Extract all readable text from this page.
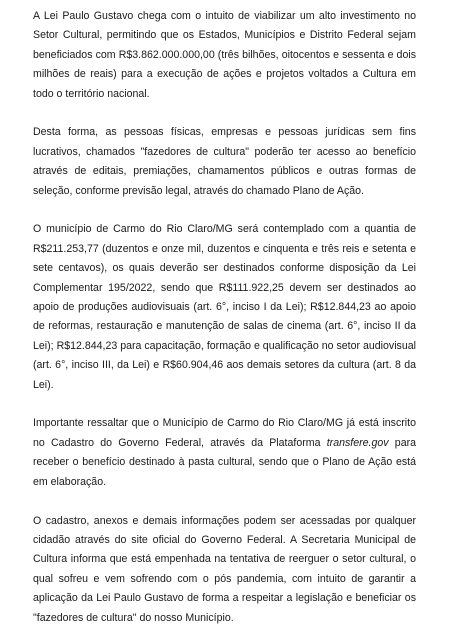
A Lei Paulo Gustavo chega com o intuito de viabilizar um alto investimento no Setor Cultural, permitindo que os Estados, Municípios e Distrito Federal sejam beneficiados com R$3.862.000.000,00 (três bilhões, oitocentos e sessenta e dois milhões de reais) para a execução de ações e projetos voltados a Cultura em todo o território nacional.

Desta forma, as pessoas físicas, empresas e pessoas jurídicas sem fins lucrativos, chamados "fazedores de cultura" poderão ter acesso ao benefício através de editais, premiações, chamamentos públicos e outras formas de seleção, conforme previsão legal, através do chamado Plano de Ação.

O município de Carmo do Rio Claro/MG será contemplado com a quantia de R$211.253,77 (duzentos e onze mil, duzentos e cinquenta e três reis e setenta e sete centavos), os quais deverão ser destinados conforme disposição da Lei Complementar 195/2022, sendo que R$111.922,25 devem ser destinados ao apoio de produções audiovisuais (art. 6°, inciso I da Lei); R$12.844,23 ao apoio de reformas, restauração e manutenção de salas de cinema (art. 6°, inciso II da Lei); R$12.844,23 para capacitação, formação e qualificação no setor audiovisual (art. 6°, inciso III, da Lei) e R$60.904,46 aos demais setores da cultura (art. 8 da Lei).

Importante ressaltar que o Município de Carmo do Rio Claro/MG já está inscrito no Cadastro do Governo Federal, através da Plataforma transfere.gov para receber o benefício destinado à pasta cultural, sendo que o Plano de Ação está em elaboração.

O cadastro, anexos e demais informações podem ser acessadas por qualquer cidadão através do site oficial do Governo Federal. A Secretaria Municipal de Cultura informa que está empenhada na tentativa de reerguer o setor cultural, o qual sofreu e vem sofrendo com o pós pandemia, com intuito de garantir a aplicação da Lei Paulo Gustavo de forma a respeitar a legislação e beneficiar os "fazedores de cultura" do nosso Município.
